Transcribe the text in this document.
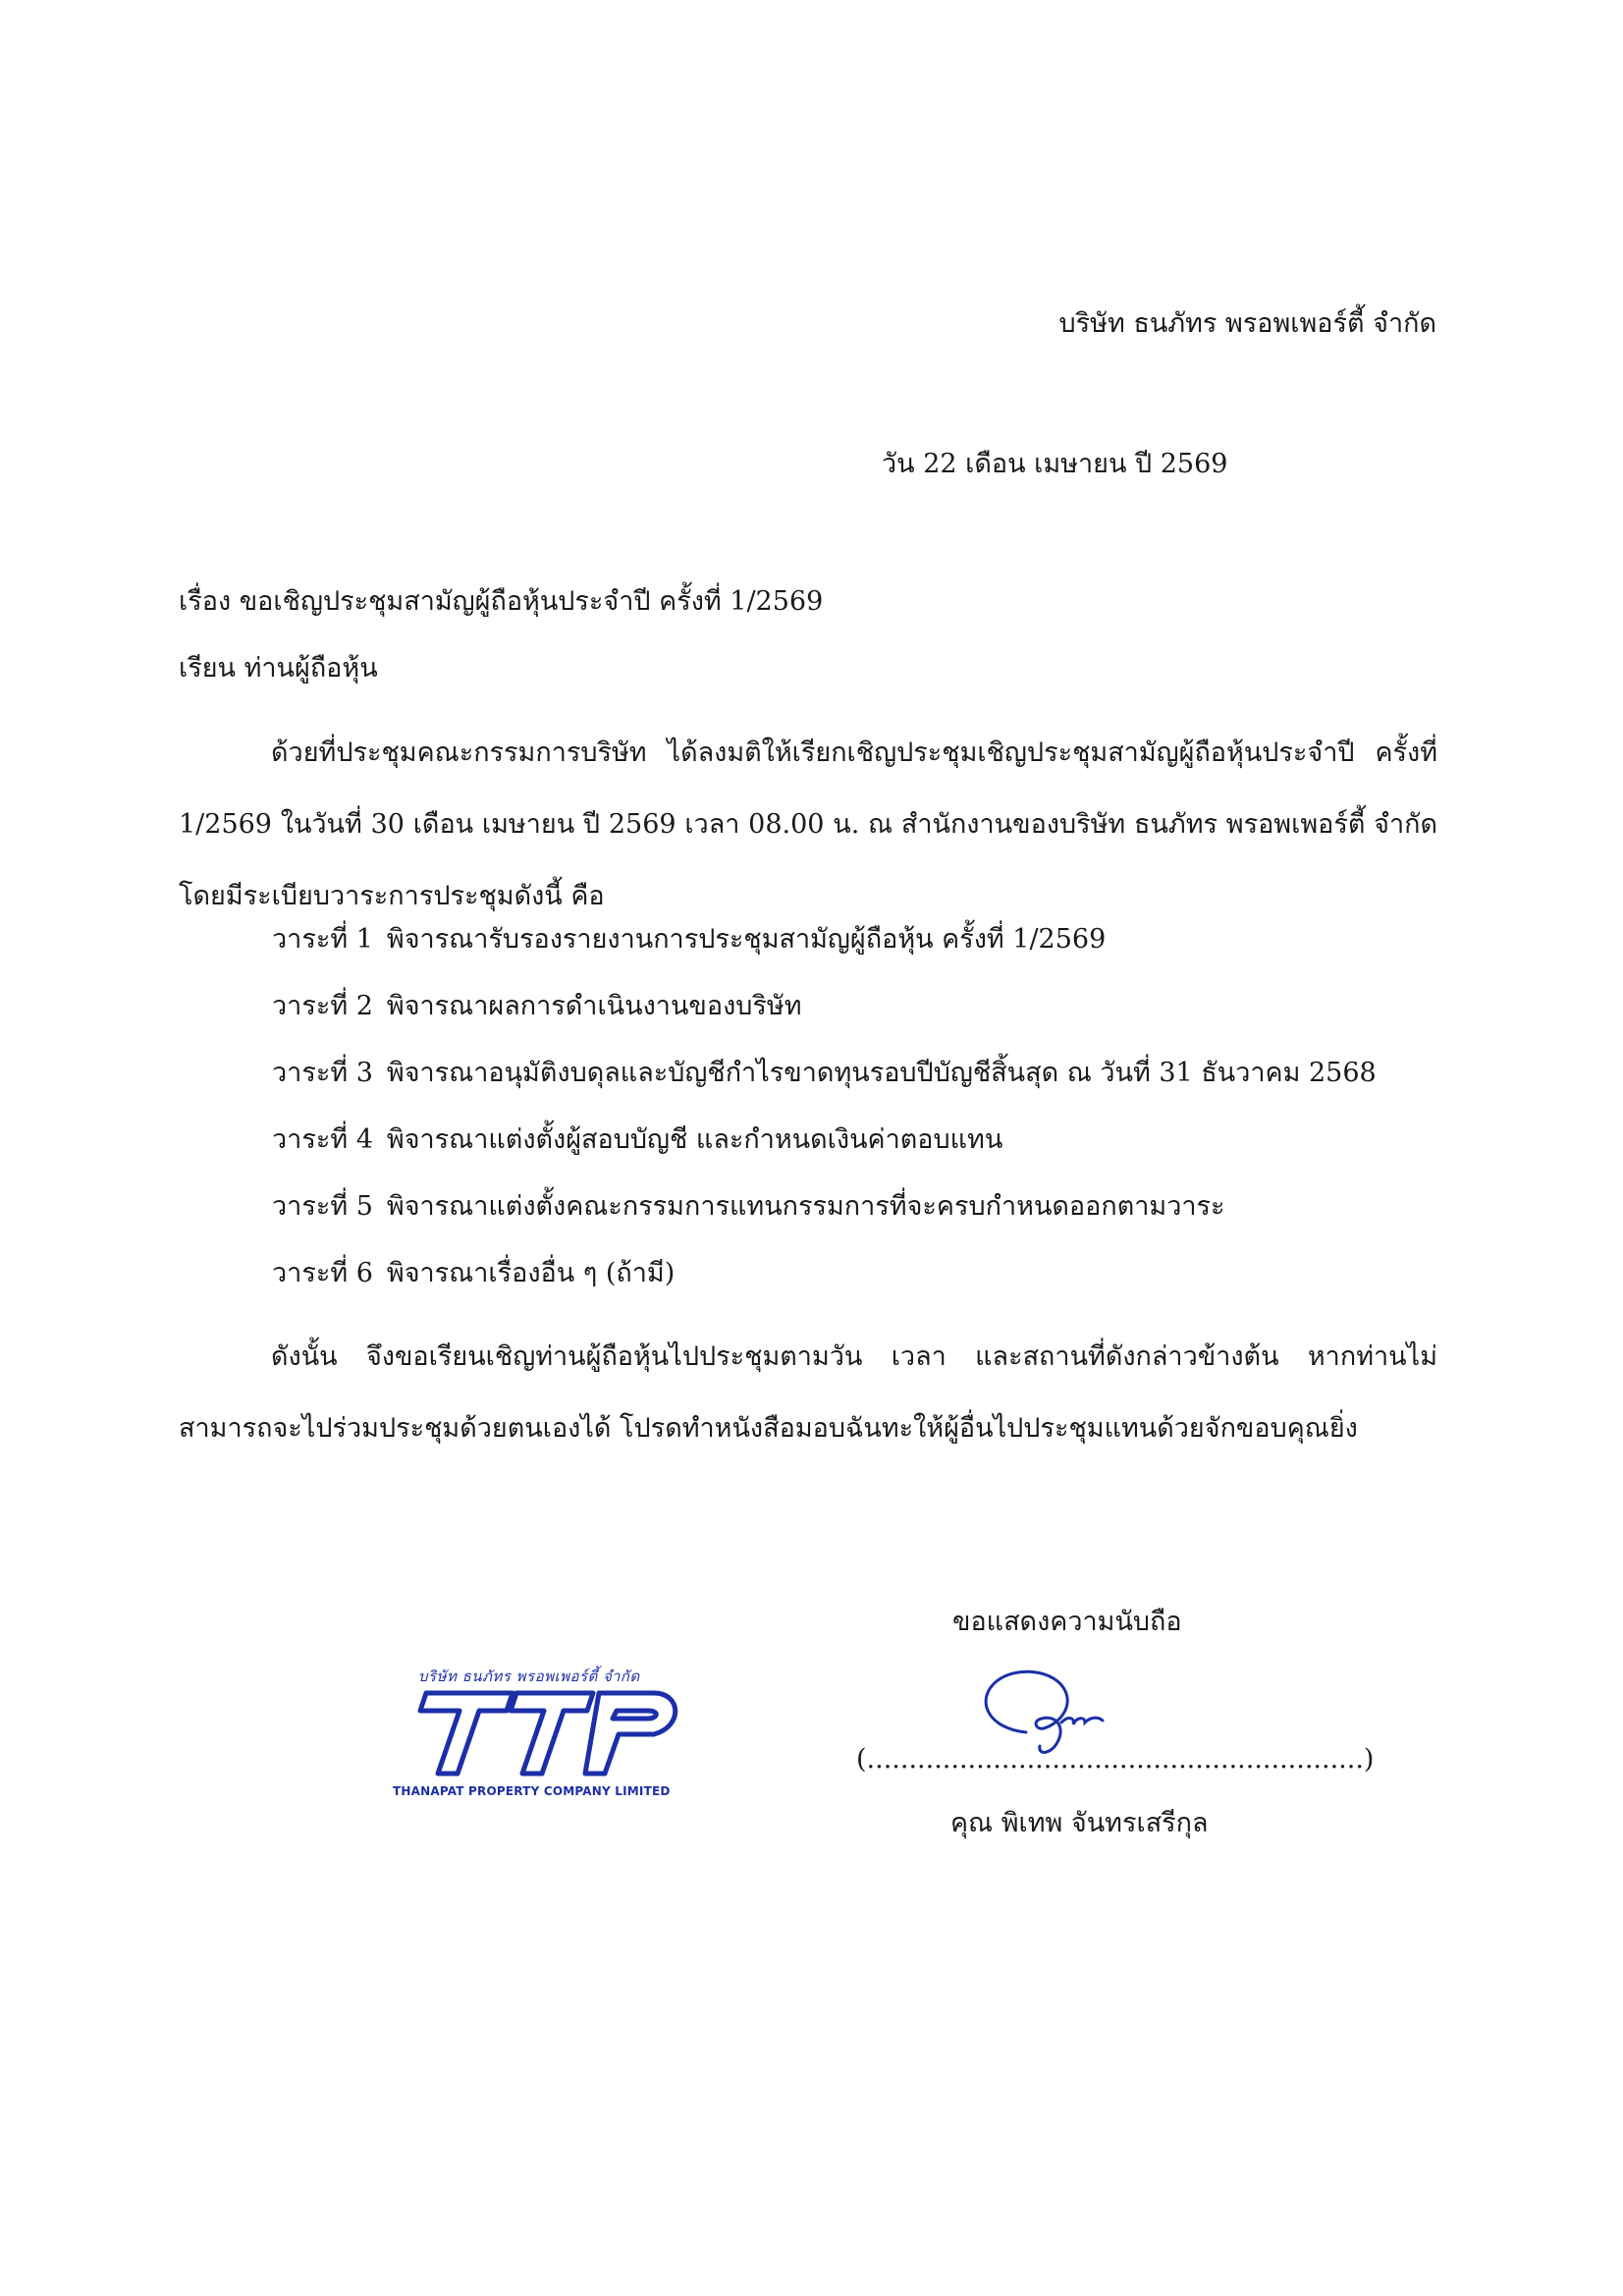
บริษัท ธนภัทร พรอพเพอร์ตี้ จำกัด
วัน 22 เดือน เมษายน ปี 2569
เรื่อง ขอเชิญประชุมสามัญผู้ถือหุ้นประจำปี ครั้งที่ 1/2569
เรียน ท่านผู้ถือหุ้น

ด้วยที่ประชุมคณะกรรมการบริษัท ได้ลงมติให้เรียกเชิญประชุมเชิญประชุมสามัญผู้ถือหุ้นประจำปี ครั้งที่ 1/2569 ในวันที่ 30 เดือน เมษายน ปี 2569 เวลา 08.00 น. ณ สำนักงานของบริษัท ธนภัทร พรอพเพอร์ตี้ จำกัด โดยมีระเบียบวาระการประชุมดังนี้ คือ

วาระที่ 1 พิจารณารับรองรายงานการประชุมสามัญผู้ถือหุ้น ครั้งที่ 1/2569
วาระที่ 2 พิจารณาผลการดำเนินงานของบริษัท
วาระที่ 3 พิจารณาอนุมัติงบดุลและบัญชีกำไรขาดทุนรอบปีบัญชีสิ้นสุด ณ วันที่ 31 ธันวาคม 2568
วาระที่ 4 พิจารณาแต่งตั้งผู้สอบบัญชี และกำหนดเงินค่าตอบแทน
วาระที่ 5 พิจารณาแต่งตั้งคณะกรรมการแทนกรรมการที่จะครบกำหนดออกตามวาระ
วาระที่ 6 พิจารณาเรื่องอื่น ๆ (ถ้ามี)

ดังนั้น จึงขอเรียนเชิญท่านผู้ถือหุ้นไปประชุมตามวัน เวลา และสถานที่ดังกล่าวข้างต้น หากท่านไม่สามารถจะไปร่วมประชุมด้วยตนเองได้ โปรดทำหนังสือมอบฉันทะให้ผู้อื่นไปประชุมแทนด้วยจักขอบคุณยิ่ง

ขอแสดงความนับถือ
(...........................................................)
คุณ พิเทพ จันทรเสรีกุล
บริษัท ธนภัทร พรอพเพอร์ตี้ จำกัด
THANAPAT PROPERTY COMPANY LIMITED
